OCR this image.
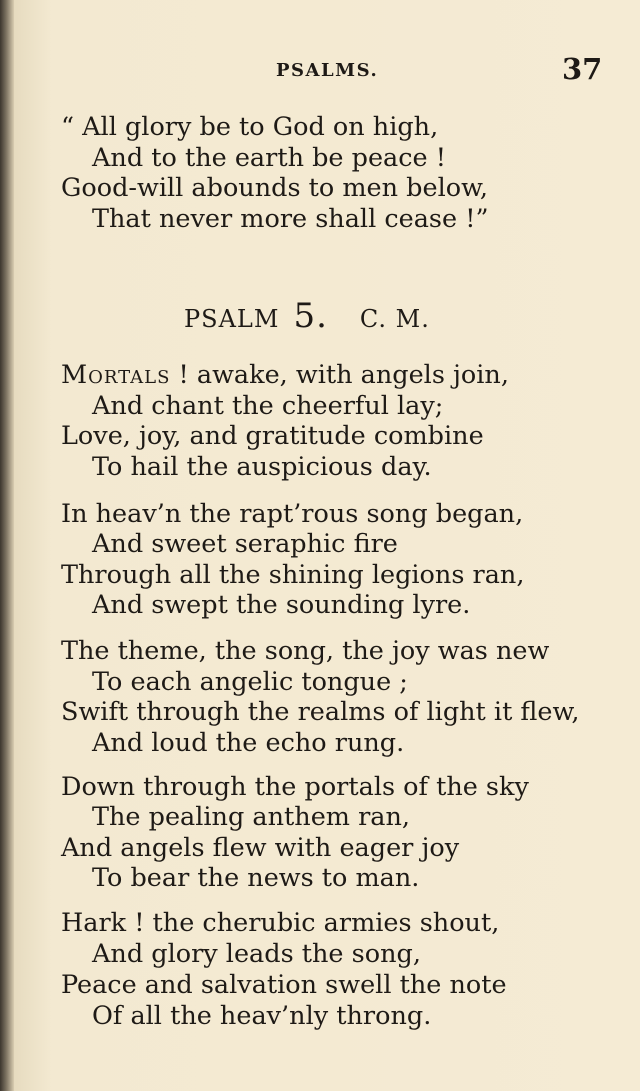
PSALMS.	37
“ All glory be to God on high,
And to the earth be peace !
Good-will abounds to men below,
That never more shall cease !”
PSALM 5. C. M.
Mortals ! awake, with angels join,
And chant the cheerful lay;
Love, joy, and gratitude combine
To hail the auspicious day.
In heav’n the rapt’rous song began,
And sweet seraphic fire
Through all the shining legions ran,
And swept the sounding lyre.
The theme, the song, the joy was new
To each angelic tongue ;
Swift through the realms of light it flew,
And loud the echo rung.
Down through the portals of the sky
The pealing anthem ran,
And angels flew with eager joy
To bear the news to man.
Hark ! the cherubic armies shout,
And glory leads the song,
Peace and salvation swell the note
Of all the heav’nly throng.
